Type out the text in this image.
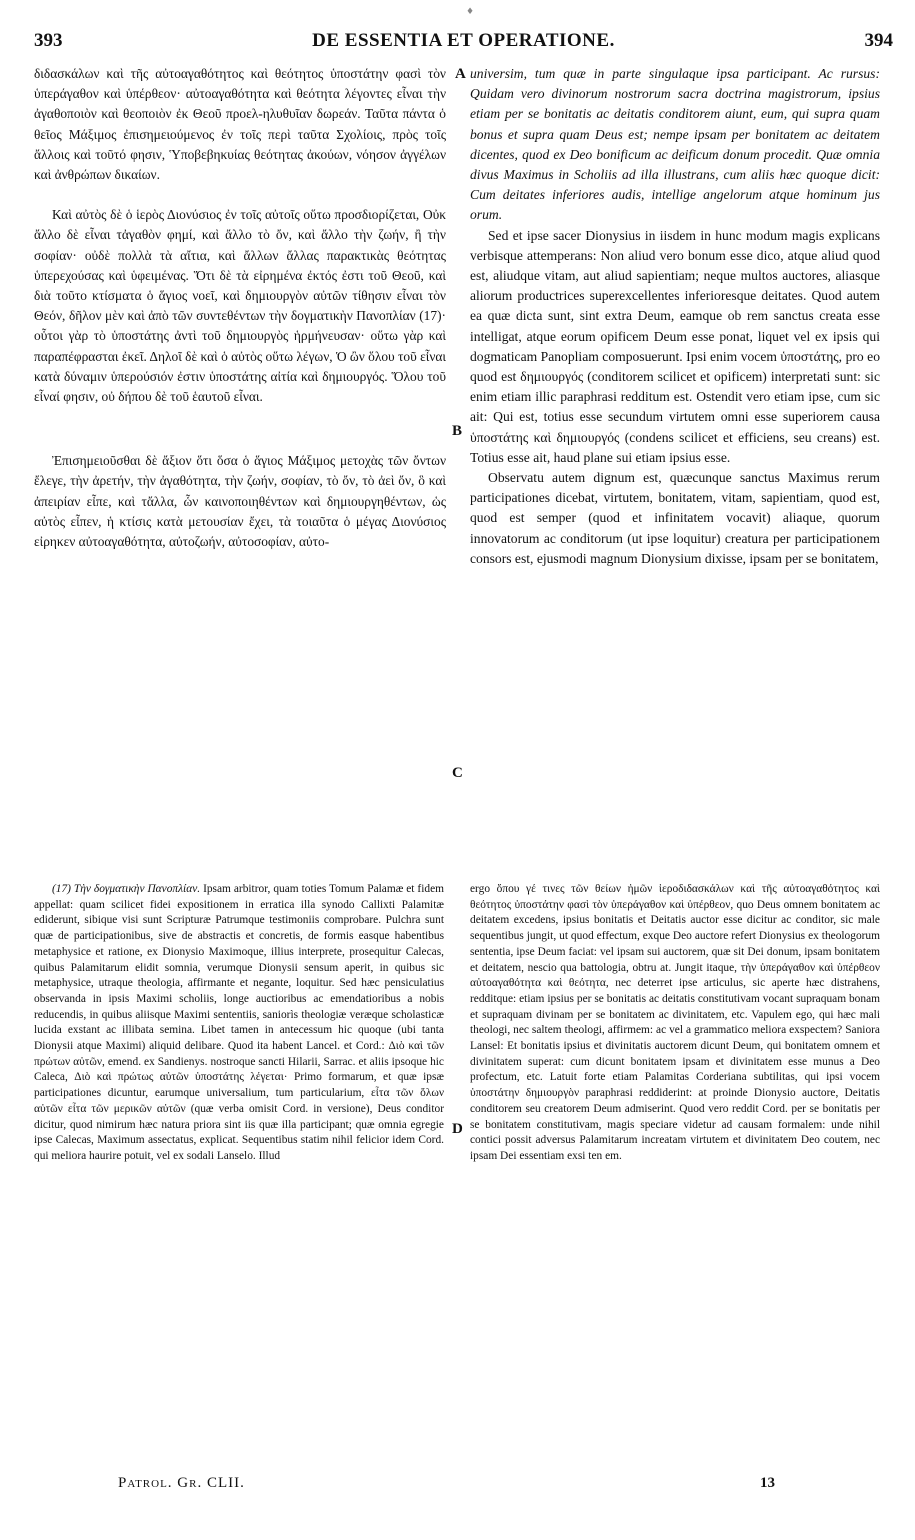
♦
393	DE ESSENTIA ET OPERATIONE.	394

διδασκάλων καὶ τῆς αὐτοαγαθότητος καὶ θεότητος ὑποστάτην φασὶ τὸν ὑπεράγαθον καὶ ὑπέρθεον· αὐτοαγαθότητα καὶ θεότητα λέγοντες εἶναι τὴν ἀγαθοποιὸν καὶ θεοποιὸν ἐκ Θεοῦ προελ-ηλυθυῖαν δωρεάν. Ταῦτα πάντα ὁ θεῖος Μάξιμος ἐπισημειούμενος ἐν τοῖς περὶ ταῦτα Σχολίοις, πρὸς τοῖς ἄλλοις καὶ τοῦτό φησιν, Ὑποβεβηκυίας θεότητας ἀκούων, νόησον ἀγγέλων καὶ ἀνθρώπων δικαίων.

Καὶ αὐτὸς δὲ ὁ ἱερὸς Διονύσιος ἐν τοῖς αὐτοῖς οὕτω προσδιορίζεται, Οὐκ ἄλλο δὲ εἶναι τἀγαθὸν φημί, καὶ ἄλλο τὸ ὄν, καὶ ἄλλο τὴν ζωήν, ἢ τὴν σοφίαν· οὐδὲ πολλὰ τὰ αἴτια, καὶ ἄλλων ἄλλας παρακτικὰς θεότητας ὑπερεχούσας καὶ ὑφειμένας. Ὅτι δὲ τὰ εἰρημένα ἐκτός ἐστι τοῦ Θεοῦ, καὶ διὰ τοῦτο κτίσματα ὁ ἅγιος νοεῖ, καὶ δημιουργὸν αὐτῶν τίθησιν εἶναι τὸν Θεόν, δῆλον μὲν καὶ ἀπὸ τῶν συντεθέντων τὴν δογματικὴν Πανοπλίαν (17)· οὗτοι γὰρ τὸ ὑποστάτης ἀντὶ τοῦ δημιουργὸς ἡρμήνευσαν· οὕτω γὰρ καὶ παραπέφρασται ἐκεῖ. Δηλοῖ δὲ καὶ ὁ αὐτὸς οὕτω λέγων, Ὁ ὢν ὅλου τοῦ εἶναι κατὰ δύναμιν ὑπερούσιόν ἐστιν ὑποστάτης αἰτία καὶ δημιουργός. Ὅλου τοῦ εἶναί φησιν, οὐ δήπου δὲ τοῦ ἑαυτοῦ εἶναι.

Ἐπισημειοῦσθαι δὲ ἄξιον ὅτι ὅσα ὁ ἅγιος Μάξιμος μετοχὰς τῶν ὄντων ἔλεγε, τὴν ἀρετήν, τὴν ἀγαθότητα, τὴν ζωήν, σοφίαν, τὸ ὄν, τὸ ἀεὶ ὄν, ὃ καὶ ἀπειρίαν εἶπε, καὶ τἄλλα, ὧν καινοποιηθέντων καὶ δημιουργηθέντων, ὡς αὐτὸς εἶπεν, ἡ κτίσις κατὰ μετουσίαν ἔχει, τὰ τοιαῦτα ὁ μέγας Διονύσιος εἰρηκεν αὐτοαγαθότητα, αὐτοζωήν, αὐτοσοφίαν, αὐτο-

A
B
C
D

universim, tum quæ in parte singulaque ipsa participant. Ac rursus: Quidam vero divinorum nostrorum sacra doctrina magistrorum, ipsius etiam per se bonitatis ac deitatis conditorem aiunt, eum, qui supra quam bonus et supra quam Deus est; nempe ipsam per bonitatem ac deitatem dicentes, quod ex Deo bonificum ac deificum donum procedit. Quæ omnia divus Maximus in Scholiis ad illa illustrans, cum aliis hæc quoque dicit: Cum deitates inferiores audis, intellige angelorum atque hominum jus orum.

Sed et ipse sacer Dionysius in iisdem in hunc modum magis explicans verbisque attemperans: Non aliud vero bonum esse dico, atque aliud quod est, aliudque vitam, aut aliud sapientiam; neque multos auctores, aliasque aliorum productrices superexcellentes inferioresque deitates. Quod autem ea quæ dicta sunt, sint extra Deum, eamque ob rem sanctus creata esse intelligat, atque eorum opificem Deum esse ponat, liquet vel ex ipsis qui dogmaticam Panopliam composuerunt. Ipsi enim vocem ὑποστάτης, pro eo quod est δημιουργός (conditorem scilicet et opificem) interpretati sunt: sic enim etiam illic paraphrasi redditum est. Ostendit vero etiam ipse, cum sic ait: Qui est, totius esse secundum virtutem omni esse superiorem causa ὑποστάτης καὶ δημιουργός (condens scilicet et efficiens, seu creans) est. Totius esse ait, haud plane sui etiam ipsius esse.

Observatu autem dignum est, quæcunque sanctus Maximus rerum participationes dicebat, virtutem, bonitatem, vitam, sapientiam, quod est, quod est semper (quod et infinitatem vocavit) aliaque, quorum innovatorum ac conditorum (ut ipse loquitur) creatura per participationem consors est, ejusmodi magnum Dionysium dixisse, ipsam per se bonitatem,

(17) Τὴν δογματικὴν Πανοπλίαν. Ipsam arbitror, quam toties Tomum Palamæ et fidem appellat: quam scilicet fidei expositionem in erratica illa synodo Callixti Palamitæ ediderunt, sibique visi sunt Scripturæ Patrumque testimoniis comprobare. Pulchra sunt quæ de participationibus, sive de abstractis et concretis, de formis easque habentibus metaphysice et ratione, ex Dionysio Maximoque, illius interprete, prosequitur Calecas, quibus Palamitarum elidit somnia, verumque Dionysii sensum aperit, in quibus sic metaphysice, utraque theologia, affirmante et negante, loquitur. Sed hæc pensiculatius observanda in ipsis Maximi scholiis, longe auctioribus ac emendatioribus a nobis reducendis, in quibus aliisque Maximi sententiis, saniorìs theologiæ veræque scholasticæ lucida exstant ac illibata semina. Libet tamen in antecessum hic quoque (ubi tanta Dionysii atque Maximi) aliquid delibare. Quod ita habent Lancel. et Cord.: Διὸ καὶ τῶν πρώτων αὐτῶν, emend. ex Sandienys. nostroque sancti Hilarii, Sarrac. et aliis ipsoque hic Caleca, Διὸ καὶ πρώτως αὐτῶν ὑποστάτης λέγεται· Primo formarum, et quæ ipsæ participationes dicuntur, earumque universalium, tum particularium, εἶτα τῶν ὅλων αὐτῶν εἶτα τῶν μερικῶν αὐτῶν (quæ verba omisit Cord. in versione), Deus conditor dicitur, quod nimirum hæc natura priora sint iis quæ illa participant; quæ omnia egregie ipse Calecas, Maximum assectatus, explicat. Sequentibus statim nihil felicior idem Cord. qui meliora haurire potuit, vel ex sodali Lanselo. Illud

ergo ὅπου γέ τινες τῶν θείων ἡμῶν ἱεροδιδασκάλων καὶ τῆς αὐτοαγαθότητος καὶ θεότητος ὑποστάτην φασὶ τὸν ὑπεράγαθον καὶ ὑπέρθεον, quo Deus omnem bonitatem ac deitatem excedens, ipsius bonitatis et Deitatis auctor esse dicitur ac conditor, sic male sequentibus jungit, ut quod effectum, exque Deo auctore refert Dionysius ex theologorum sententia, ipse Deum faciat: vel ipsam sui auctorem, quæ sit Dei donum, ipsam bonitatem et deitatem, nescio qua battologia, obtru at. Jungit itaque, τὴν ὑπεράγαθον καὶ ὑπέρθεον αὐτοαγαθότητα καὶ θεότητα, nec deterret ipse articulus, sic aperte hæc distrahens, redditque: etiam ipsius per se bonitatis ac deitatis constitutivam vocant supraquam bonam et supraquam divinam per se bonitatem ac divinitatem, etc. Vapulem ego, qui hæc mali theologi, nec saltem theologi, affirmem: ac vel a grammatico meliora exspectem? Saniora Lansel: Et bonitatis ipsius et divinitatis auctorem dicunt Deum, qui bonitatem omnem et divinitatem superat: cum dicunt bonitatem ipsam et divinitatem esse munus a Deo profectum, etc. Latuit forte etiam Palamitas Corderiana subtilitas, qui ipsi vocem ὑποστάτην δημιουργὸν paraphrasi reddiderint: at proinde Dionysio auctore, Deitatis conditorem seu creatorem Deum admiserint. Quod vero reddit Cord. per se bonitatis per se bonitatem constitutivam, magis speciare videtur ad causam formalem: unde nihil contici possit adversus Palamitarum increatam virtutem et divinitatem Deo coutem, nec ipsam Dei essentiam exsi ten em.

Patrol. Gr. CLII.	13
